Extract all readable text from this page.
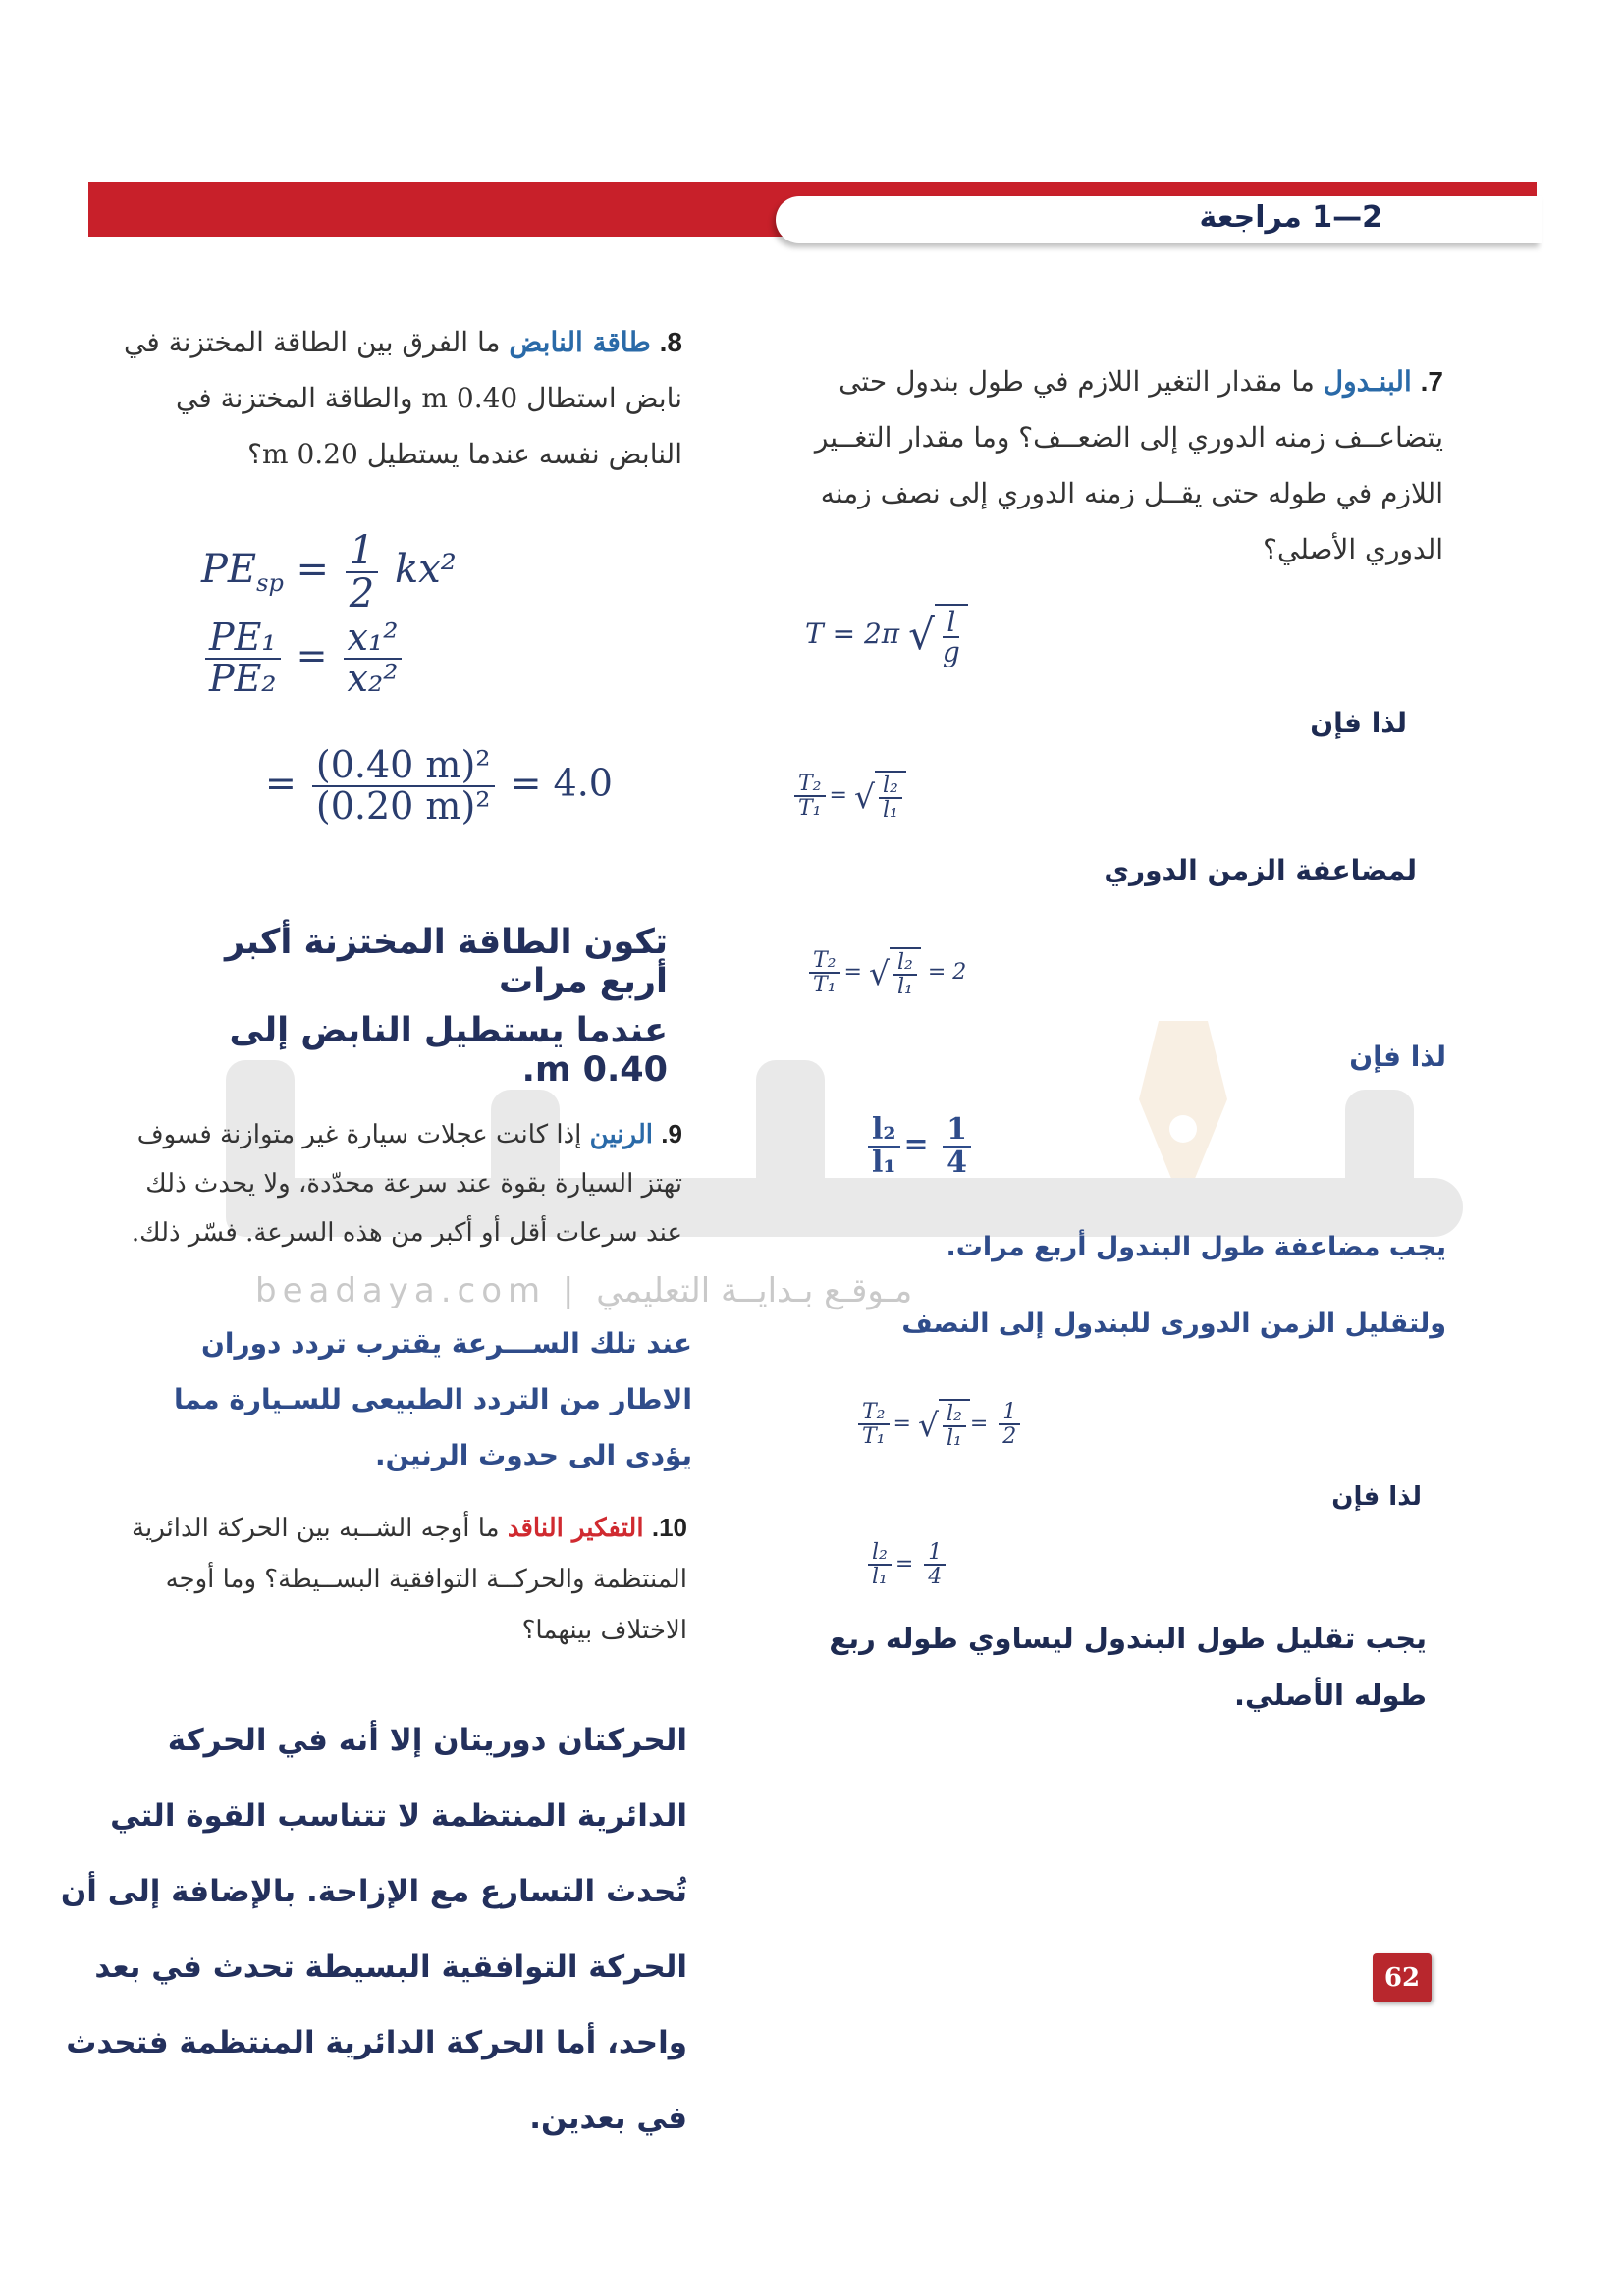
beadaya.com | مـوقـع بـدايــة التعليمي
2—1 مراجعة
7. البنـدول ما مقدار التغير اللازم في طول بندول حتى يتضاعــف زمنه الدوري إلى الضعــف؟ وما مقدار التغــير اللازم في طوله حتى يقــل زمنه الدوري إلى نصف زمنه الدوري الأصلي؟
T = 2π √ $\frac{l}{g}$
لذا فإن
$\frac{\text{T₂}}{\text{T₁}}$ = √ $\frac{\text{l₂}}{\text{l₁}}$
لمضاعفة الزمن الدوري
$\frac{\text{T₂}}{\text{T₁}}$ = √ $\frac{\text{l₂}}{\text{l₁}} = 2$
لذا فإن
$\frac{\text{l₂}}{\text{l₁}} = \frac{1}{4}$
يجب مضاعفة طول البندول أربع مرات.
ولتقليل الزمن الدورى للبندول إلى النصف
$\frac{\text{T₂}}{\text{T₁}}$ = √ $\frac{\text{l₂}}{\text{l₁}} = \frac{1}{2}$
لذا فإن
$\frac{\text{l₂}}{\text{l₁}} = \frac{1}{4}$
يجب تقليل طول البندول ليساوي طوله ربع طوله الأصلي.
8. طاقة النابض ما الفرق بين الطاقة المختزنة في نابض استطال 0.40 m والطاقة المختزنة في النابض نفسه عندما يستطيل 0.20 m؟
$PE_{sp} = \frac{1}{2} kx^2$
$\frac{\text{PE₁}}{\text{PE₂}} = \frac{\text{x₁²}}{\text{x₂²}}$
= $\frac{\text{(0.40 m)²}}{\text{(0.20 m)²}} = 4.0$
تكون الطاقة المختزنة أكبر أربع مرات
عندما يستطيل النابض إلى 0.40 m.
9. الرنين إذا كانت عجلات سيارة غير متوازنة فسوف تهتز السيارة بقوة عند سرعة محدّدة، ولا يحدث ذلك عند سرعات أقل أو أكبر من هذه السرعة. فسّر ذلك.
عند تلك الســـرعة يقترب تردد دوران الاطار من التردد الطبيعى للسـيارة مما يؤدى الى حدوث الرنين.
10. التفكير الناقد ما أوجه الشــبه بين الحركة الدائرية المنتظمة والحركــة التوافقية البســيطة؟ وما أوجه الاختلاف بينهما؟
الحركتان دوريتان إلا أنه في الحركة الدائرية المنتظمة لا تتناسب القوة التي تُحدث التسارع مع الإزاحة. بالإضافة إلى أن الحركة التوافقية البسيطة تحدث في بعد واحد، أما الحركة الدائرية المنتظمة فتحدث في بعدين.
62
